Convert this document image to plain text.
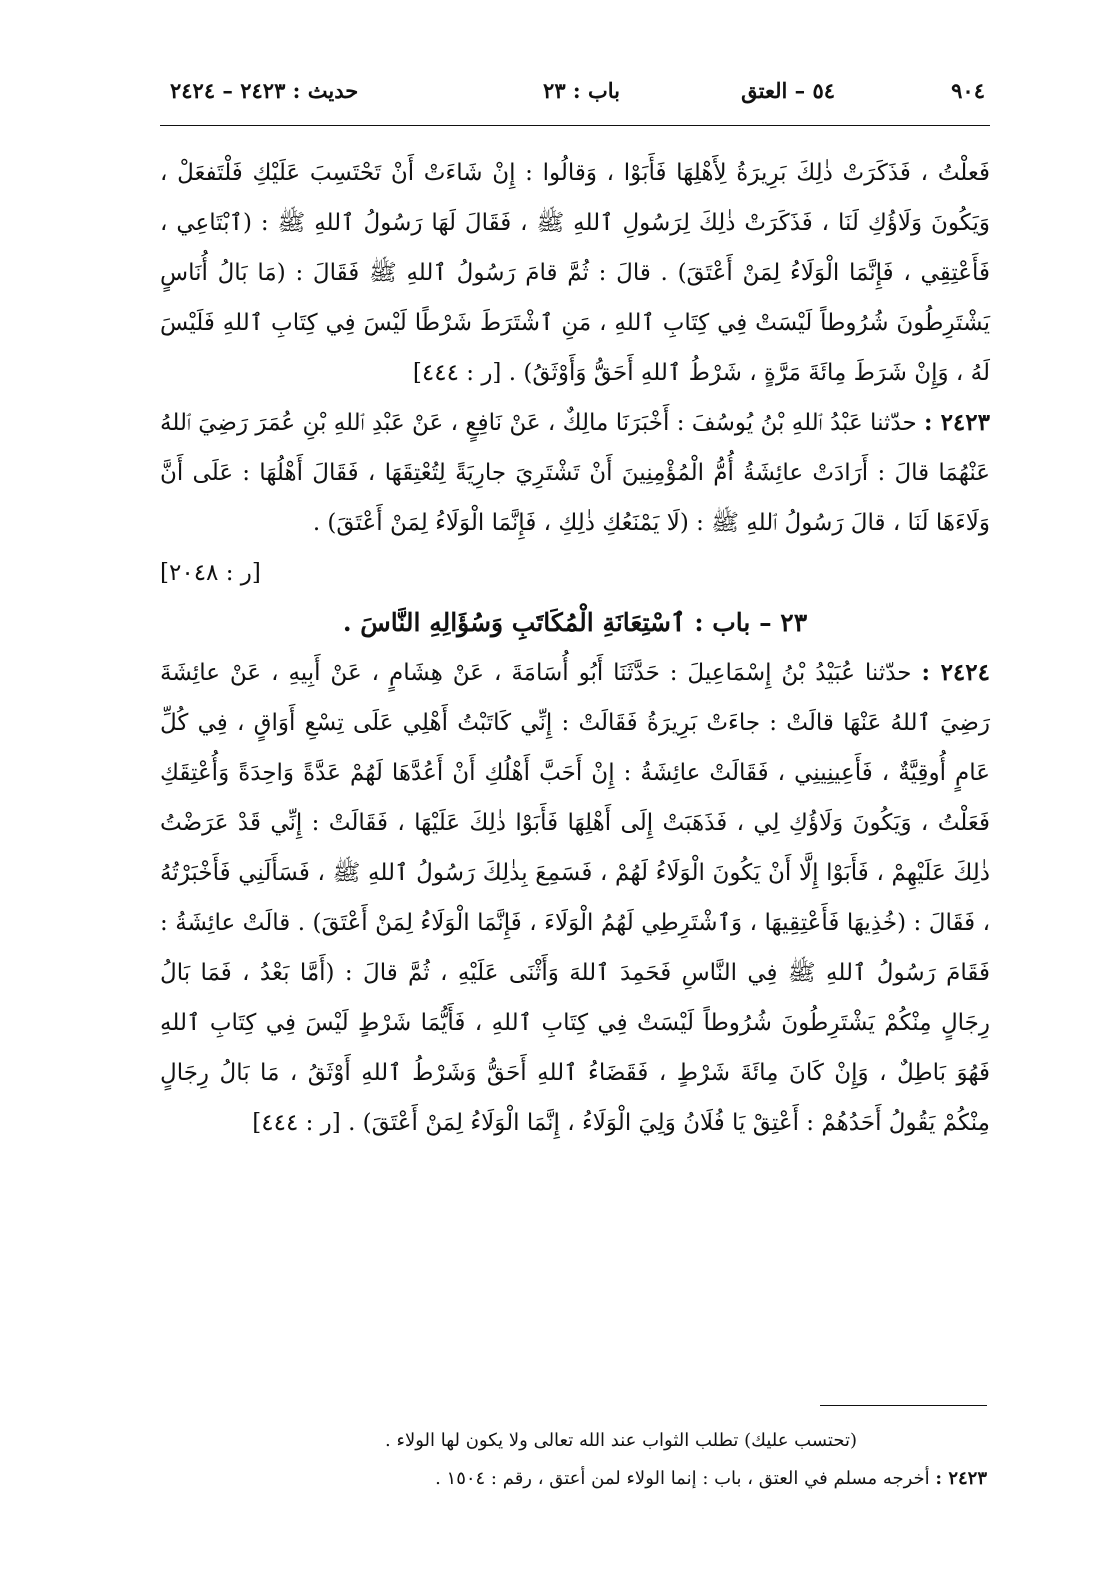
٩٠٤
٥٤ – العتق
باب : ٢٣
حديث : ٢٤٢٣ – ٢٤٢٤

فَعلْتُ ، فَذَكَرَتْ ذٰلِكَ بَرِيرَةُ لِأَهْلِهَا فَأَبَوْا ، وَقالُوا : إِنْ شَاءَتْ أَنْ تَحْتَسِبَ عَلَيْكِ فَلْتَفعَلْ ، وَيَكُونَ وَلَاؤُكِ لَنَا ، فَذَكَرَتْ ذٰلِكَ لِرَسُولِ ٱللهِ ﷺ ، فَقَالَ لَهَا رَسُولُ ٱللهِ ﷺ : (ٱبْتَاعِي ، فَأَعْتِقِي ، فَإِنَّمَا الْوَلَاءُ لِمَنْ أَعْتَقَ) . قالَ : ثُمَّ قامَ رَسُولُ ٱللهِ ﷺ فَقَالَ : (مَا بَالُ أُنَاسٍ يَشْتَرِطُونَ شُرُوطاً لَيْسَتْ فِي كِتَابِ ٱللهِ ، مَنِ ٱشْتَرَطَ شَرْطًا لَيْسَ فِي كِتَابِ ٱللهِ فَلَيْسَ لَهُ ، وَإِنْ شَرَطَ مِائَةَ مَرَّةٍ ، شَرْطُ ٱللهِ أَحَقُّ وَأَوْثَقُ) . [ر : ٤٤٤]

٢٤٢٣ : حدّثنا عَبْدُ ٱللهِ بْنُ يُوسُفَ : أَخْبَرَنَا مالِكٌ ، عَنْ نَافِعٍ ، عَنْ عَبْدِ ٱللهِ بْنِ عُمَرَ رَضِيَ ٱللهُ عَنْهُمَا قالَ : أَرَادَتْ عائِشَةُ أُمُّ الْمُؤْمِنِينَ أَنْ تَشْتَرِيَ جارِيَةً لِتُعْتِقَهَا ، فَقَالَ أَهْلُهَا : عَلَى أَنَّ وَلَاءَهَا لَنَا ، قالَ رَسُولُ ٱللهِ ﷺ : (لَا يَمْنَعُكِ ذٰلِكِ ، فَإِنَّمَا الْوَلَاءُ لِمَنْ أَعْتَقَ) .

[ر : ٢٠٤٨]

٢٣ – باب : ٱسْتِعَانَةِ الْمُكَاتَبِ وَسُؤَالِهِ النَّاسَ .

٢٤٢٤ : حدّثنا عُبَيْدُ بْنُ إِسْمَاعِيلَ : حَدَّثَنَا أَبُو أُسَامَةَ ، عَنْ هِشَامٍ ، عَنْ أَبِيهِ ، عَنْ عائِشَةَ رَضِيَ ٱللهُ عَنْهَا قالَتْ : جاءَتْ بَرِيرَةُ فَقَالَتْ : إِنِّي كَاتَبْتُ أَهْلِي عَلَى تِسْعِ أَوَاقٍ ، فِي كُلِّ عَامٍ أُوقِيَّةٌ ، فَأَعِينِينِي ، فَقَالَتْ عائِشَةُ : إِنْ أَحَبَّ أَهْلُكِ أَنْ أَعُدَّهَا لَهُمْ عَدَّةً وَاحِدَةً وَأُعْتِقَكِ فَعَلْتُ ، وَيَكُونَ وَلَاؤُكِ لِي ، فَذَهَبَتْ إِلَى أَهْلِهَا فَأَبَوْا ذٰلِكَ عَلَيْهَا ، فَقَالَتْ : إِنِّي قَدْ عَرَضْتُ ذٰلِكَ عَلَيْهِمْ ، فَأَبَوْا إِلَّا أَنْ يَكُونَ الْوَلَاءُ لَهُمْ ، فَسَمِعَ بِذٰلِكَ رَسُولُ ٱللهِ ﷺ ، فَسَأَلَنِي فَأَخْبَرْتُهُ ، فَقَالَ : (خُذِيهَا فَأَعْتِقِيهَا ، وَٱشْتَرِطِي لَهُمُ الْوَلَاءَ ، فَإِنَّمَا الْوَلَاءُ لِمَنْ أَعْتَقَ) . قالَتْ عائِشَةُ : فَقَامَ رَسُولُ ٱللهِ ﷺ فِي النَّاسِ فَحَمِدَ ٱللهَ وَأَثْنَى عَلَيْهِ ، ثُمَّ قالَ : (أَمَّا بَعْدُ ، فَمَا بَالُ رِجَالٍ مِنْكُمْ يَشْتَرِطُونَ شُرُوطاً لَيْسَتْ فِي كِتَابِ ٱللهِ ، فَأَيُّمَا شَرْطٍ لَيْسَ فِي كِتَابِ ٱللهِ فَهُوَ بَاطِلٌ ، وَإِنْ كَانَ مِائَةَ شَرْطٍ ، فَقَضَاءُ ٱللهِ أَحَقُّ وَشَرْطُ ٱللهِ أَوْثَقُ ، مَا بَالُ رِجَالٍ مِنْكُمْ يَقُولُ أَحَدُهُمْ : أَعْتِقْ يَا فُلَانُ وَلِيَ الْوَلَاءُ ، إِنَّمَا الْوَلَاءُ لِمَنْ أَعْتَقَ) . [ر : ٤٤٤]

(تحتسب عليك) تطلب الثواب عند الله تعالى ولا يكون لها الولاء .

٢٤٢٣ : أخرجه مسلم في العتق ، باب : إنما الولاء لمن أعتق ، رقم : ١٥٠٤ .
